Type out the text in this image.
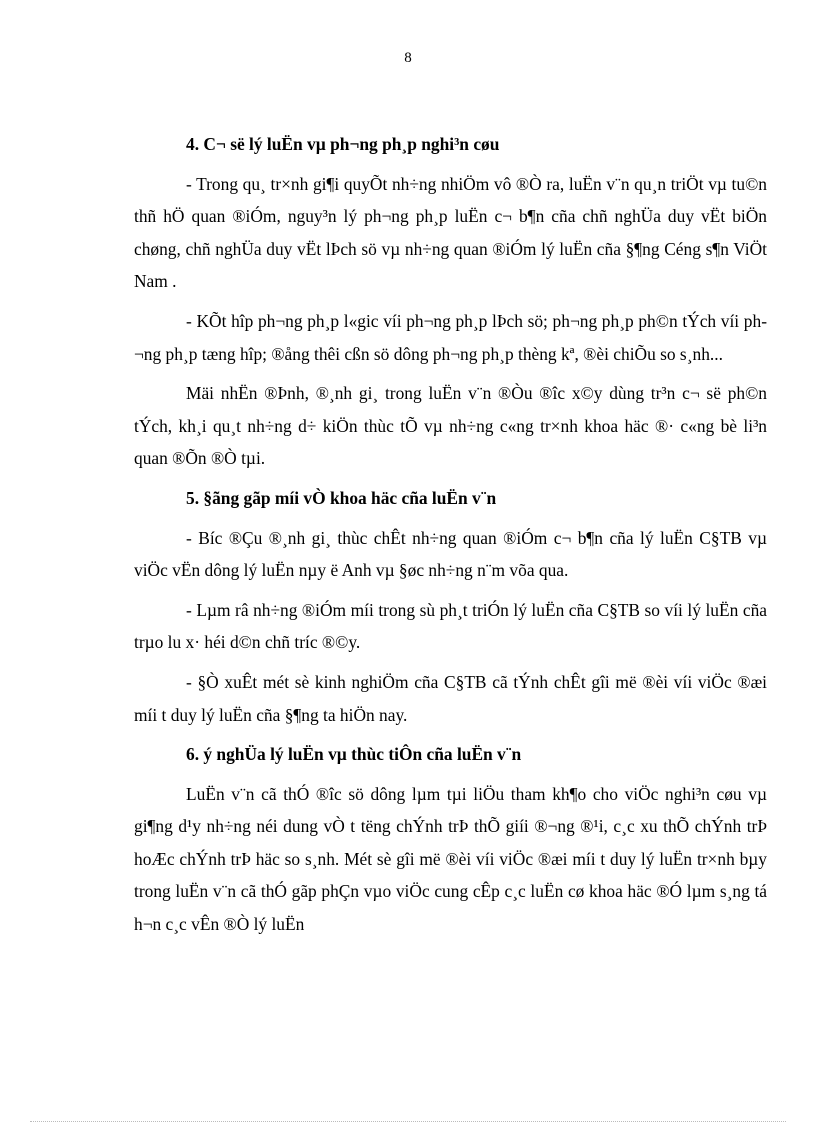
8

4. C¬ së lý luËn vµ ph¬ng ph¸p nghi³n cøu

- Trong qu¸ tr×nh gi¶i quyÕt nh÷ng nhiÖm vô ®Ò ra, luËn v¨n qu¸n triÖt vµ tu©n thñ hÖ quan ®iÓm, nguy³n lý ph¬ng ph¸p luËn c¬ b¶n cña chñ nghÜa duy vËt biÖn chøng, chñ nghÜa duy vËt lÞch sö vµ nh÷ng quan ®iÓm lý luËn cña §¶ng Céng s¶n ViÖt Nam .

- KÕt hîp ph¬ng ph¸p l«gic víi ph¬ng ph¸p lÞch sö; ph¬ng ph¸p ph©n tÝch víi ph¬ng ph¸p tæng hîp; ®ång thêi cßn sö dông ph¬ng ph¸p thèng kª, ®èi chiÕu so s¸nh...

Mäi nhËn ®Þnh, ®¸nh gi¸ trong luËn v¨n ®Òu ®îc x©y dùng tr³n c¬ së ph©n tÝch, kh¸i qu¸t nh÷ng d÷ kiÖn thùc tÕ vµ nh÷ng c«ng tr×nh khoa häc ®· c«ng bè li³n quan ®Õn ®Ò tµi.

5. §ãng gãp míi vÒ khoa häc cña luËn v¨n

- Bíc ®Çu ®¸nh gi¸ thùc chÊt nh÷ng quan ®iÓm c¬ b¶n cña lý luËn C§TB vµ viÖc vËn dông lý luËn nµy ë Anh vµ §øc nh÷ng n¨m võa qua.

- Lµm râ nh÷ng ®iÓm míi trong sù ph¸t triÓn lý luËn cña C§TB so víi lý luËn cña trµo lu x· héi d©n chñ tríc ®©y.

- §Ò xuÊt mét sè kinh nghiÖm cña C§TB cã tÝnh chÊt gîi më ®èi víi viÖc ®æi míi t duy lý luËn cña §¶ng ta hiÖn nay.

6. ý nghÜa lý luËn vµ thùc tiÔn cña luËn v¨n

LuËn v¨n cã thÓ ®îc sö dông lµm tµi liÖu tham kh¶o cho viÖc nghi³n cøu vµ gi¶ng d¹y nh÷ng néi dung vÒ t tëng chÝnh trÞ thÕ giíi ®¬ng ®¹i, c¸c xu thÕ chÝnh trÞ hoÆc chÝnh trÞ häc so s¸nh. Mét sè gîi më ®èi víi viÖc ®æi míi t duy lý luËn tr×nh bµy trong luËn v¨n cã thÓ gãp phÇn vµo viÖc cung cÊp c¸c luËn cø khoa häc ®Ó lµm s¸ng tá h¬n c¸c vÊn ®Ò lý luËn
